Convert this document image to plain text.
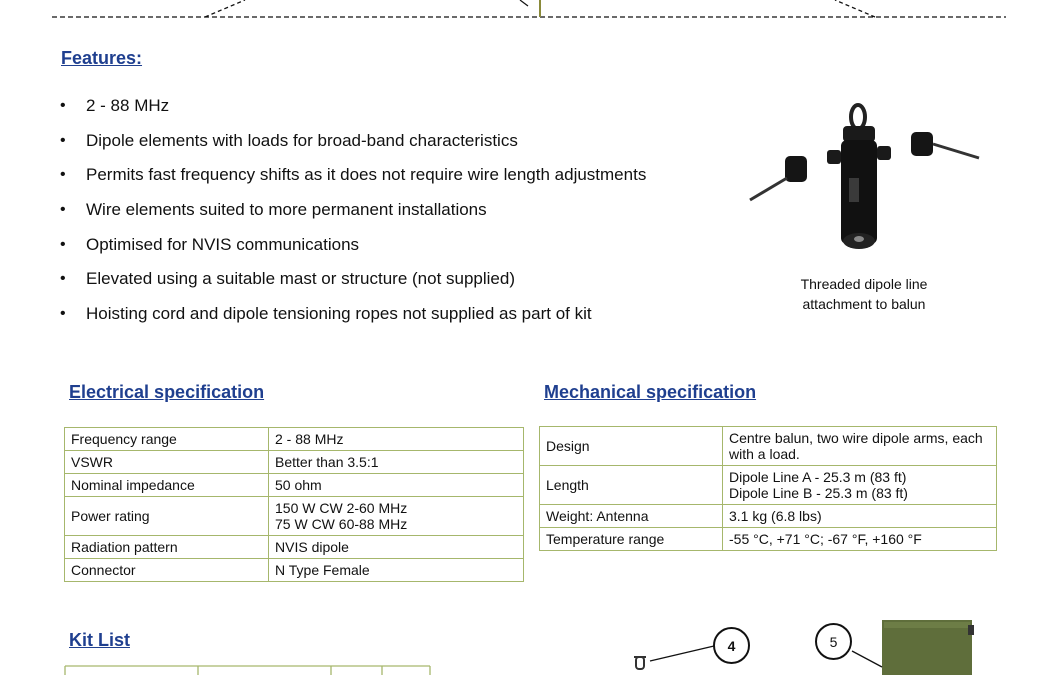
Features:
• 2 - 88 MHz
• Dipole elements with loads for broad-band characteristics
• Permits fast frequency shifts as it does not require wire length adjustments
• Wire elements suited to more permanent installations
• Optimised for NVIS communications
• Elevated using a suitable mast or structure (not supplied)
• Hoisting cord and dipole tensioning ropes not supplied as part of kit
Threaded dipole line
attachment to balun
Electrical specification
Frequency range	2 - 88 MHz
VSWR	Better than 3.5:1
Nominal impedance	50 ohm
Power rating	150 W CW 2-60 MHz
75 W CW 60-88 MHz

Radiation pattern	NVIS dipole
Connector	N Type Female
Mechanical specification
Design	Centre balun, two wire dipole arms, each
with a load.

Length	Dipole Line A - 25.3 m (83 ft)
Dipole Line B - 25.3 m (83 ft)

Weight: Antenna	3.1 kg (6.8 lbs)
Temperature range	-55 °C, +71 °C; -67 °F, +160 °F
Kit List	4	5
